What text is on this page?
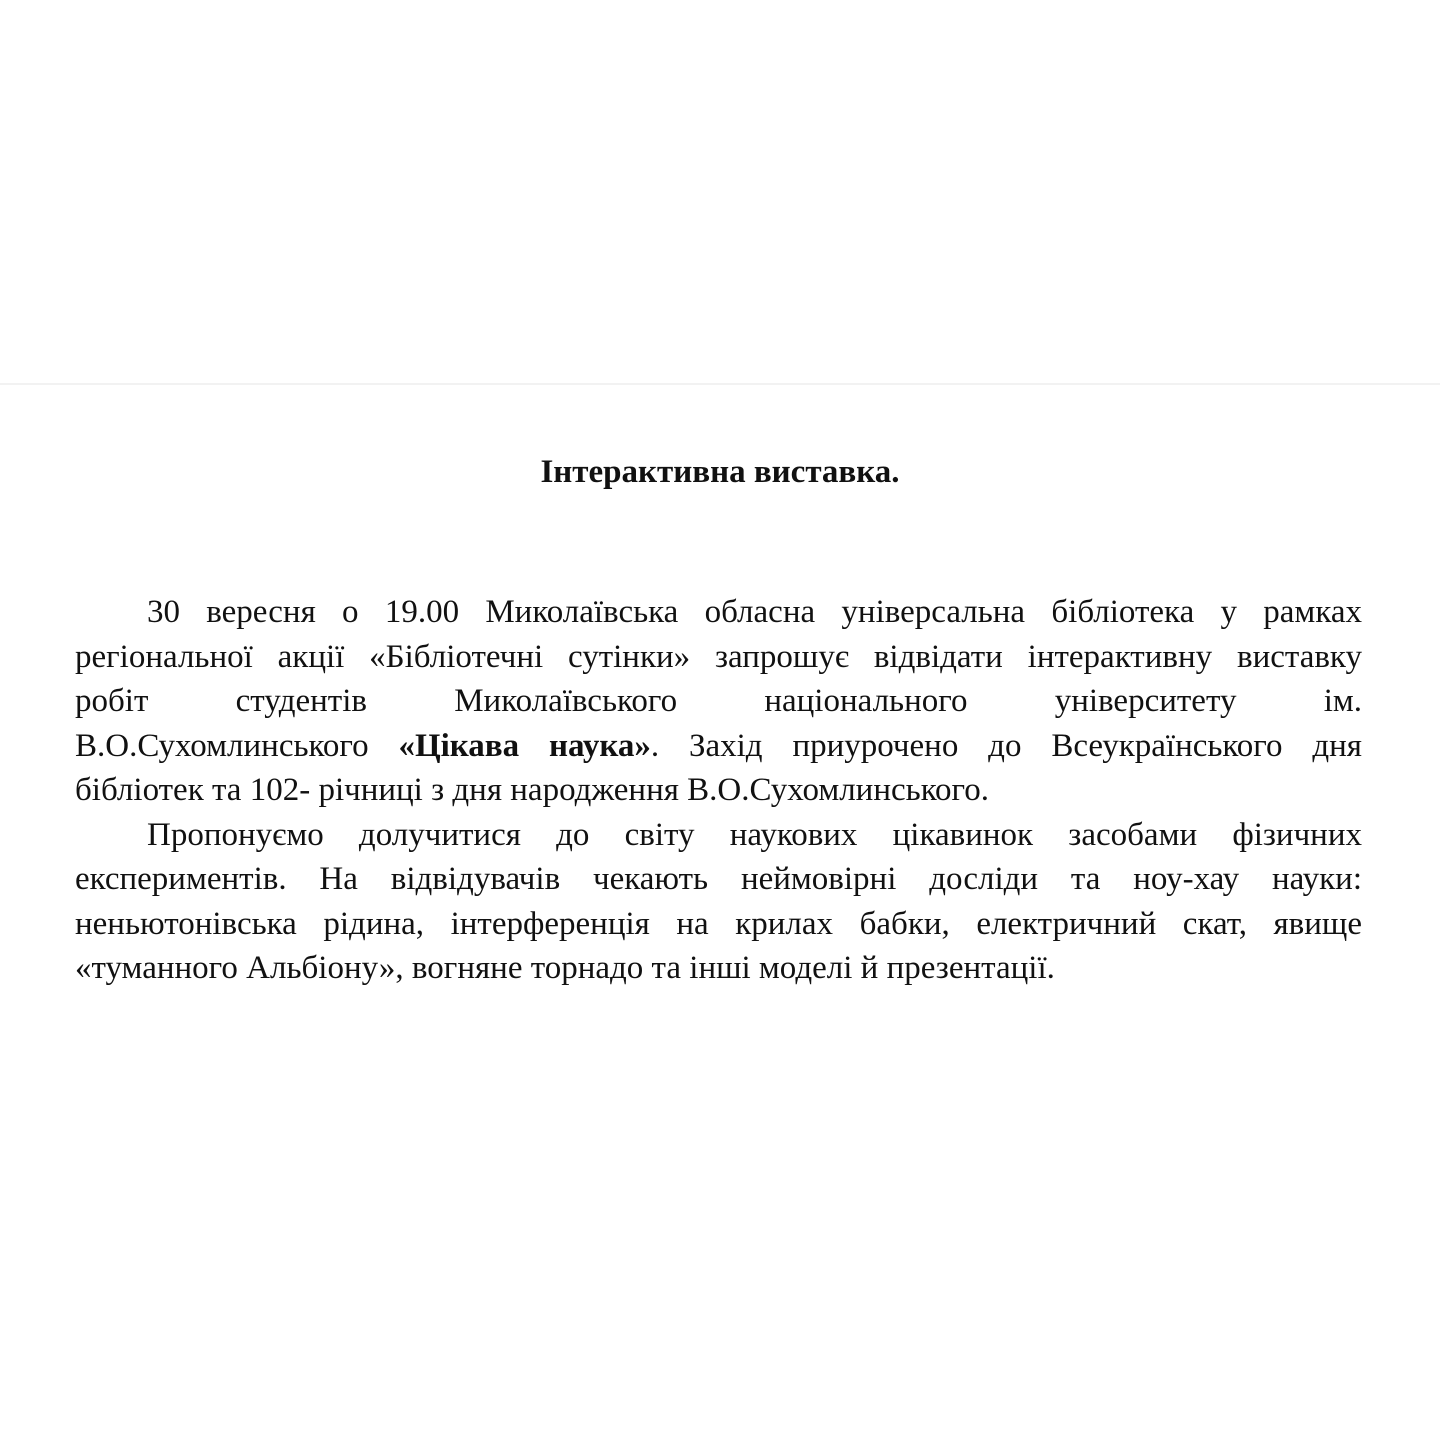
Інтерактивна виставка.
30 вересня о 19.00 Миколаївська обласна універсальна бібліотека у рамках
регіональної акції «Бібліотечні сутінки» запрошує відвідати інтерактивну виставку
робіт студентів Миколаївського національного університету ім.
В.О.Сухомлинського «Цікава наука». Захід приурочено до Всеукраїнського дня
бібліотек та 102- річниці з дня народження В.О.Сухомлинського.
Пропонуємо долучитися до світу наукових цікавинок засобами фізичних
експериментів. На відвідувачів чекають неймовірні досліди та ноу-хау науки:
неньютонівська рідина, інтерференція на крилах бабки, електричний скат, явище
«туманного Альбіону», вогняне торнадо та інші моделі й презентації.
